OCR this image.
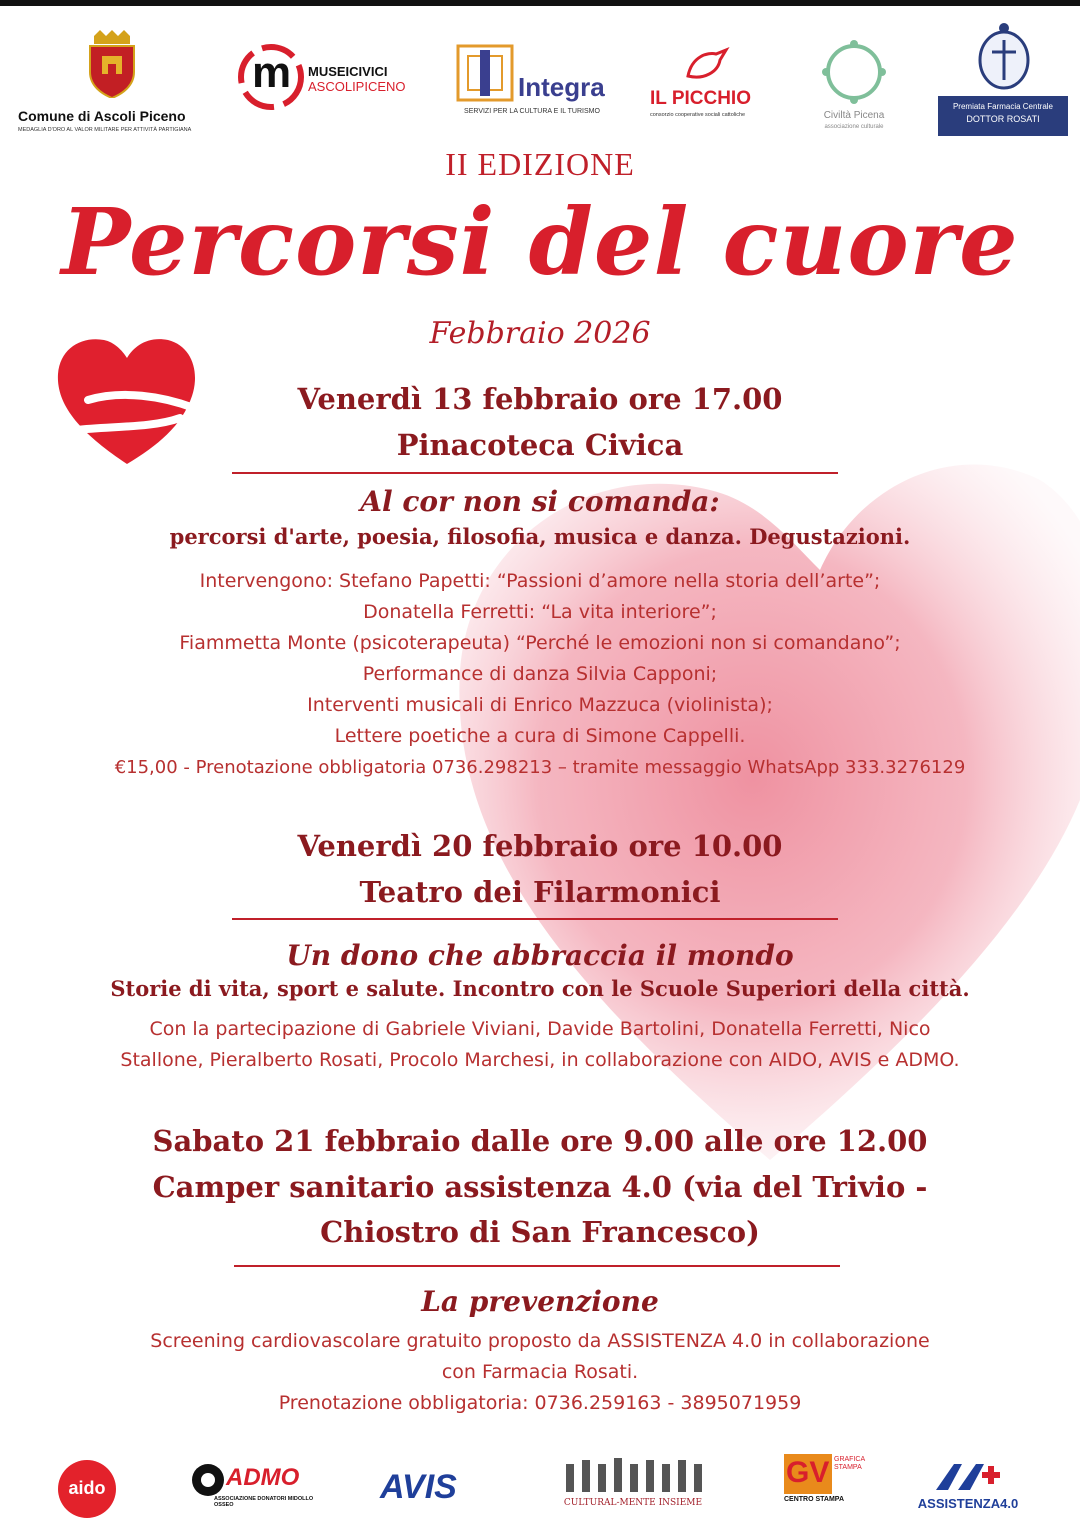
Comune di Ascoli Piceno
MEDAGLIA D'ORO AL VALOR MILITARE PER ATTIVITÀ PARTIGIANA
m MUSEICIVICI
ASCOLIPICENO	Integra
SERVIZI PER LA CULTURA E IL TURISMO
IL PICCHIO
consorzio cooperative sociali cattoliche	Civiltà Picena
associazione culturale
Premiata Farmacia Centrale
DOTTOR ROSATI
II EDIZIONE
Percorsi del cuore
Febbraio 2026
Venerdì 13 febbraio ore 17.00
Pinacoteca Civica
Al cor non si comanda:
percorsi d'arte, poesia, filosofia, musica e danza. Degustazioni.
Intervengono: Stefano Papetti: “Passioni d’amore nella storia dell’arte”;
Donatella Ferretti: “La vita interiore”;
Fiammetta Monte (psicoterapeuta) “Perché le emozioni non si comandano”;
Performance di danza Silvia Capponi;
Interventi musicali di Enrico Mazzuca (violinista);
Lettere poetiche a cura di Simone Cappelli.
€15,00 - Prenotazione obbligatoria 0736.298213 – tramite messaggio WhatsApp 333.3276129
Venerdì 20 febbraio ore 10.00
Teatro dei Filarmonici
Un dono che abbraccia il mondo
Storie di vita, sport e salute. Incontro con le Scuole Superiori della città.
Con la partecipazione di Gabriele Viviani, Davide Bartolini, Donatella Ferretti, Nico
Stallone, Pieralberto Rosati, Procolo Marchesi, in collaborazione con AIDO, AVIS e ADMO.
Sabato 21 febbraio dalle ore 9.00 alle ore 12.00
Camper sanitario assistenza 4.0 (via del Trivio -
Chiostro di San Francesco)
La prevenzione
Screening cardiovascolare gratuito proposto da ASSISTENZA 4.0 in collaborazione
con Farmacia Rosati.
Prenotazione obbligatoria: 0736.259163 - 3895071959
aido	ADMO
ASSOCIAZIONE DONATORI MIDOLLO OSSEO	AVIS	CULTURAL-MENTE INSIEME
GV GRAFICA STAMPA
CENTRO STAMPA	ASSISTENZA4.0
